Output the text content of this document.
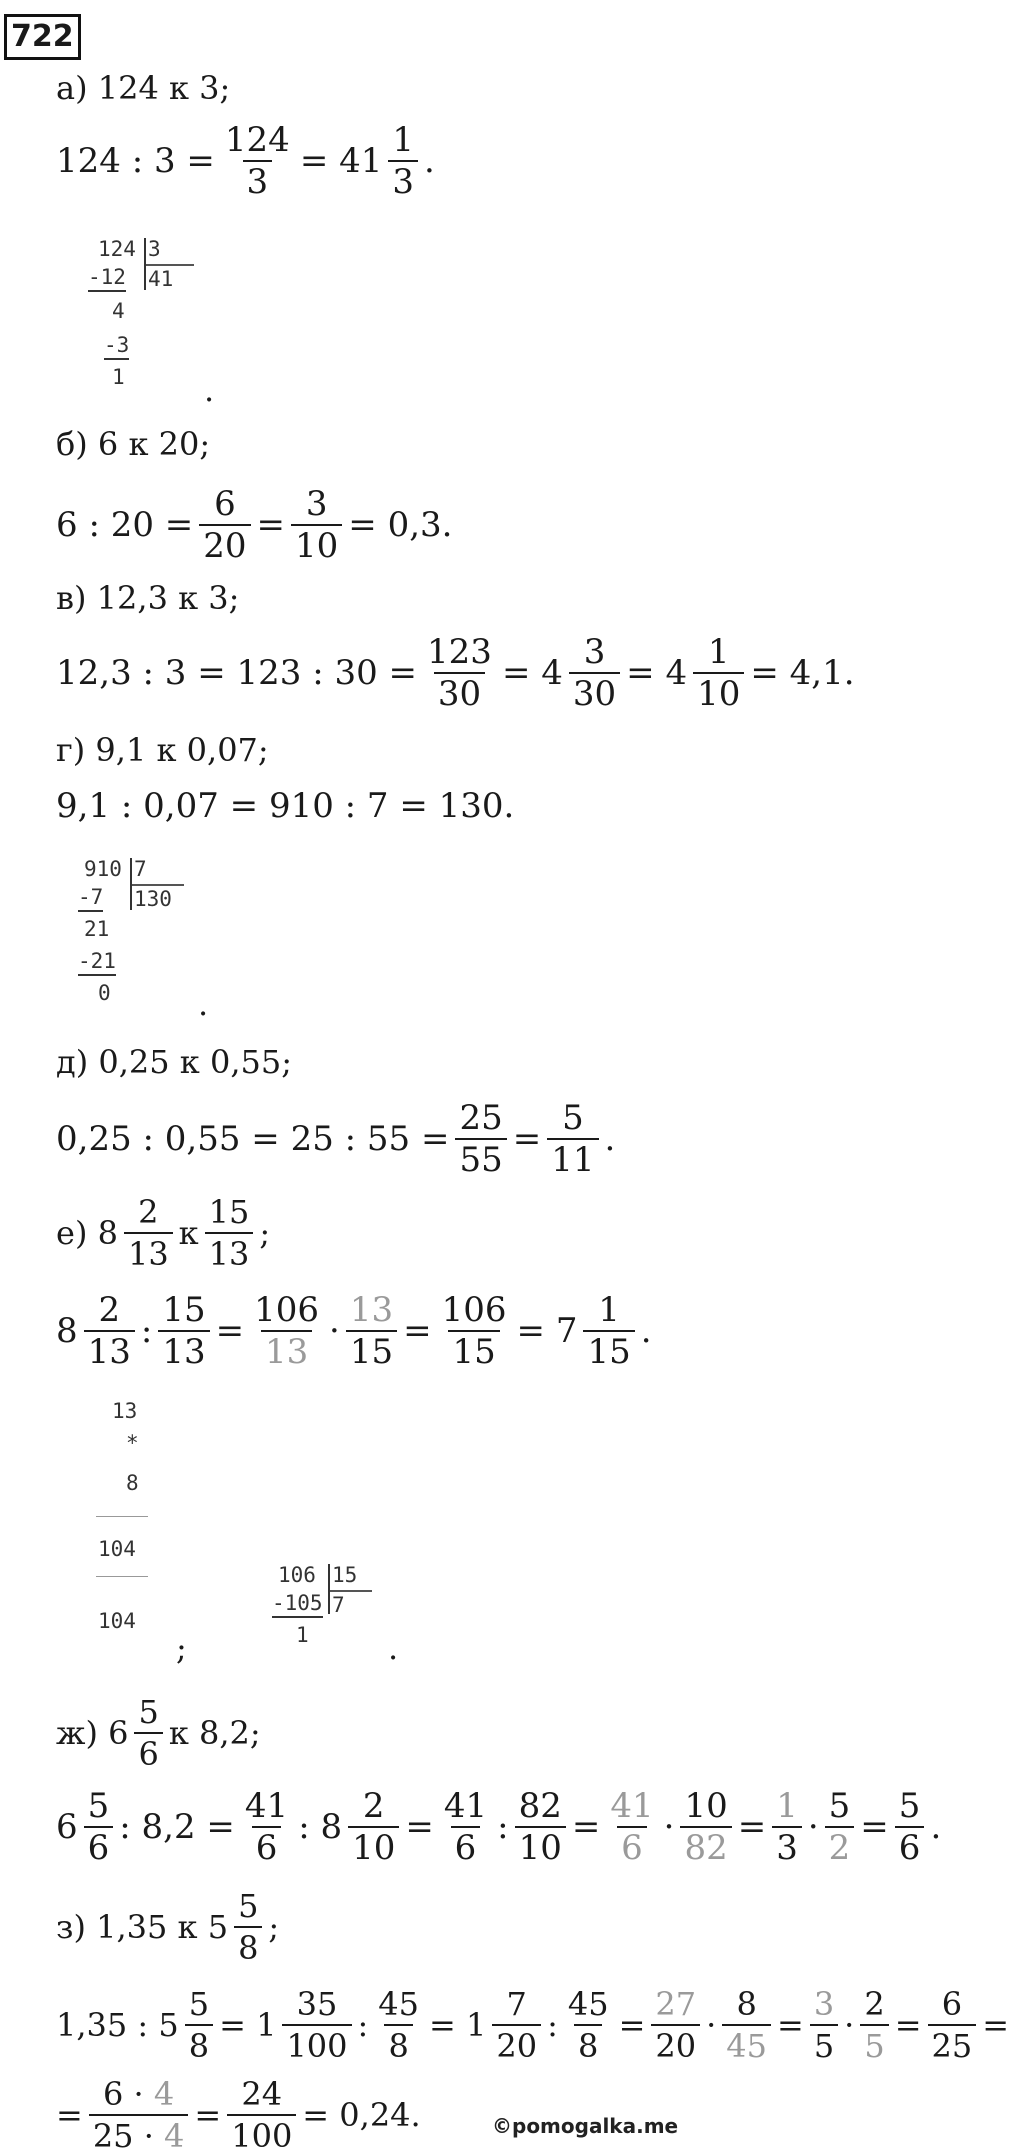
722
а) 124 к 3;
124 : $3 = \frac{124}{3} = 41$
1
3
.
124 3
-12 41
4
-3
1 .
б) 6 к 20;
6 : $20 = \frac{6}{20} = \frac{3}{10} = 0,3$.
в) 12,3 к 3;
12,3 : 3 = 123 : $30 = \frac{123}{30} = 4 \frac{3}{30} = 4 \frac{1}{10} = 4,1$.
г) 9,1 к 0,07;
9,1 : 0,07 = 910 : 7 = 130.
910 7
-7 130
21
-21
0	.
д) 0,25 к 0,55;
0,25 : 0,55 = 25 : $55 = \frac{25}{55} = \frac{5}{11}$ .
е) 8
2
13
к
15
13
;
8
2
13
: $\frac{15}{13} = \frac{106}{13} \cdot \frac{13}{15} = \frac{106}{15} = 7$
1
15
.
13
*
8
104
104
;
106 15
-105 7
1 .
ж) 6
5
6
к 8,2;
6
5
6
: $8,2 = \frac{41}{6}$ : $8 \frac{2}{10} = \frac{41}{6}$ : $\frac{82}{10} = \frac{41}{6} \cdot \frac{10}{82} = \frac{1}{3} \cdot \frac{5}{2} = \frac{5}{6}$ .
з) 1,35 к 5
5
8
;
1,35 : $5 \frac{5}{8} = 1$
35
100
: $\frac{45}{8} = 1$
7
20
: $\frac{45}{8} = \frac{27}{20} \cdot \frac{8}{45} = \frac{3}{5} \cdot \frac{2}{5} = \frac{6}{25}$ =
= $\frac{6 \cdot 4}{25 \cdot 4} = \frac{24}{100} = 0,24$.	©pomogalka.me
